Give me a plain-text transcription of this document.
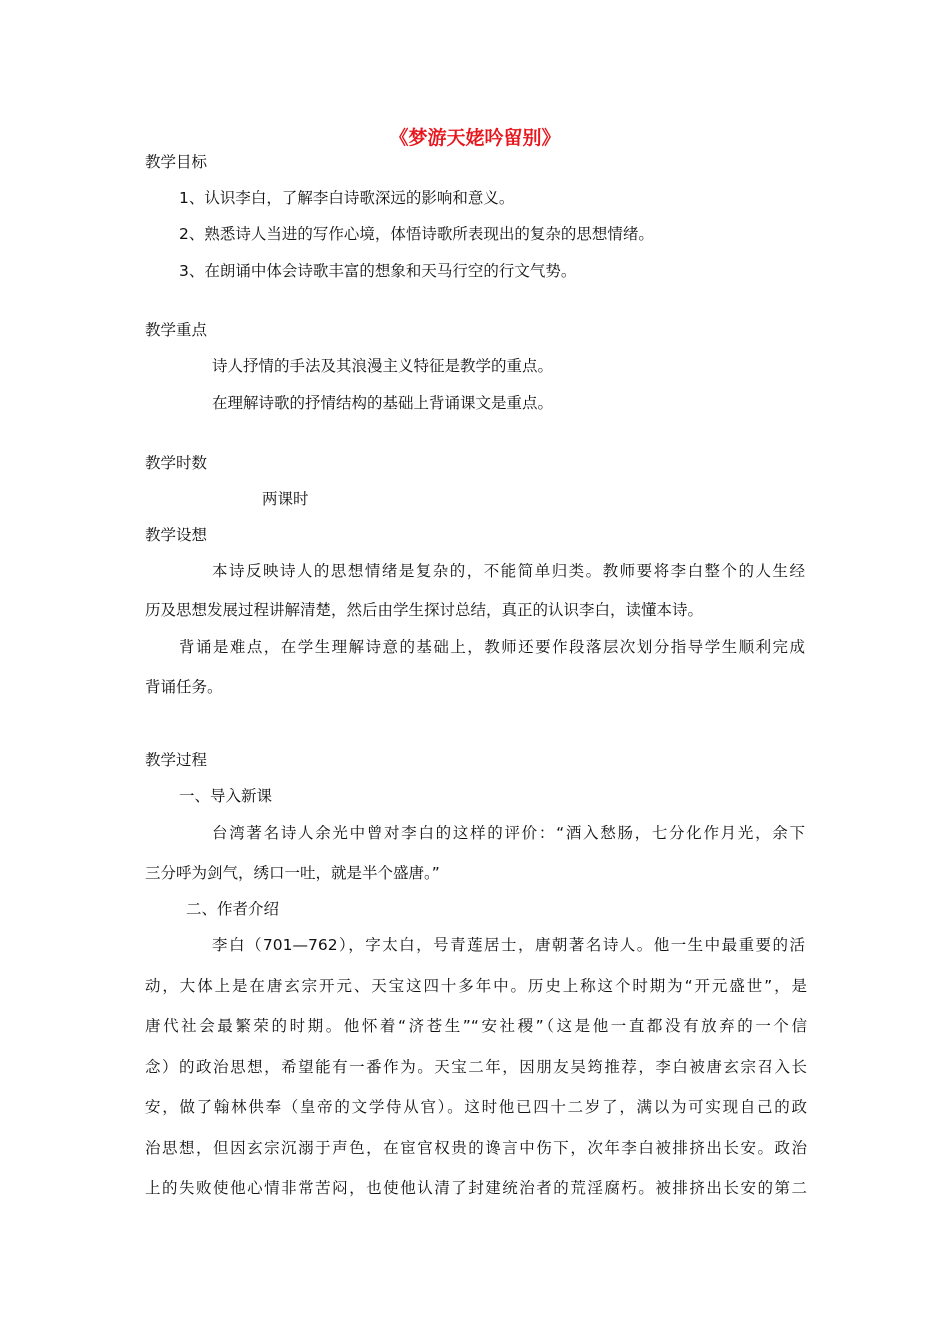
《梦游天姥吟留别》
教学目标
1、认识李白，了解李白诗歌深远的影响和意义。
2、熟悉诗人当进的写作心境，体悟诗歌所表现出的复杂的思想情绪。
3、在朗诵中体会诗歌丰富的想象和天马行空的行文气势。
教学重点
诗人抒情的手法及其浪漫主义特征是教学的重点。
在理解诗歌的抒情结构的基础上背诵课文是重点。
教学时数
两课时
教学设想
本诗反映诗人的思想情绪是复杂的，不能简单归类。教师要将李白整个的人生经
历及思想发展过程讲解清楚，然后由学生探讨总结，真正的认识李白，读懂本诗。
背诵是难点，在学生理解诗意的基础上，教师还要作段落层次划分指导学生顺利完成
背诵任务。
教学过程
一、导入新课
台湾著名诗人余光中曾对李白的这样的评价：“酒入愁肠，七分化作月光，余下
三分呼为剑气，绣口一吐，就是半个盛唐。”
二、作者介绍
李白（701—762），字太白，号青莲居士，唐朝著名诗人。他一生中最重要的活
动，大体上是在唐玄宗开元、天宝这四十多年中。历史上称这个时期为“开元盛世”，是
唐代社会最繁荣的时期。他怀着“济苍生”“安社稷”（这是他一直都没有放弃的一个信
念）的政治思想，希望能有一番作为。天宝二年，因朋友吴筠推荐，李白被唐玄宗召入长
安，做了翰林供奉（皇帝的文学侍从官）。这时他已四十二岁了，满以为可实现自己的政
治思想，但因玄宗沉溺于声色，在宦官权贵的谗言中伤下，次年李白被排挤出长安。政治
上的失败使他心情非常苦闷，也使他认清了封建统治者的荒淫腐朽。被排挤出长安的第二
